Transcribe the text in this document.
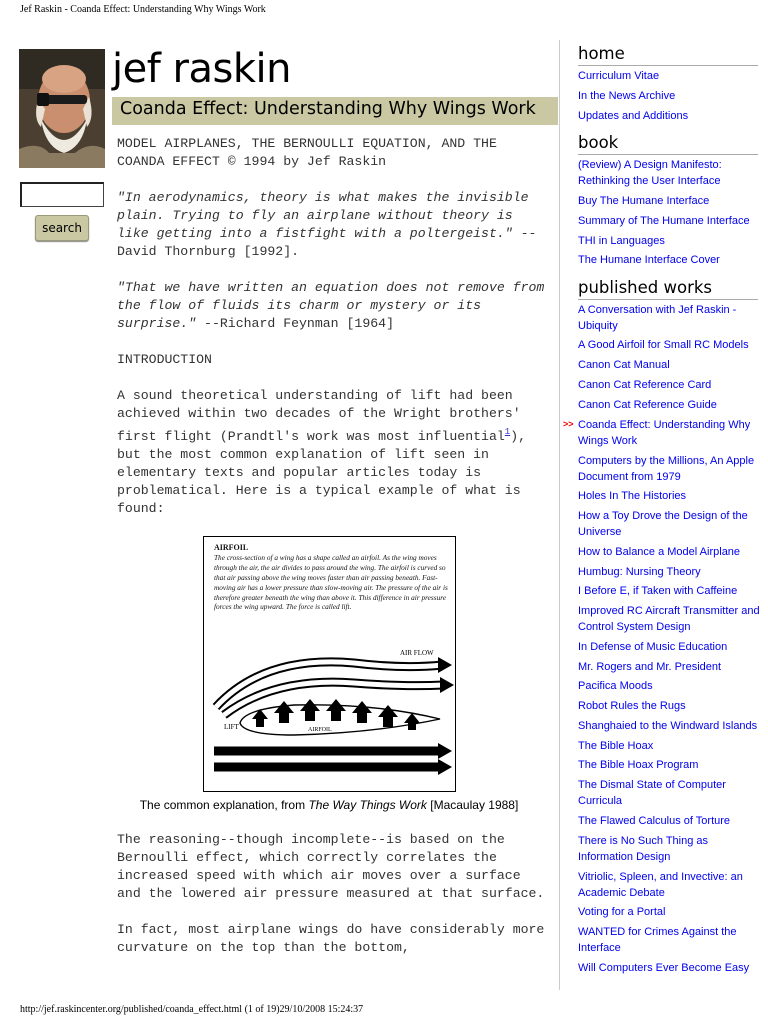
Jef Raskin - Coanda Effect: Understanding Why Wings Work
jef raskin
Coanda Effect: Understanding Why Wings Work
search

MODEL AIRPLANES, THE BERNOULLI EQUATION, AND THE
COANDA EFFECT © 1994 by Jef Raskin

"In aerodynamics, theory is what makes the invisible plain. Trying to fly an airplane without theory is like getting into a fistfight with a poltergeist." --David Thornburg [1992].

"That we have written an equation does not remove from the flow of fluids its charm or mystery or its surprise." --Richard Feynman [1964]

INTRODUCTION

A sound theoretical understanding of lift had been achieved within two decades of the Wright brothers' first flight (Prandtl's work was most influential$^1$), but the most common explanation of lift seen in elementary texts and popular articles today is problematical. Here is a typical example of what is found:

AIRFOIL
The cross-section of a wing has a shape called an airfoil. As the wing moves through the air, the air divides to pass around the wing. The airfoil is curved so that air passing above the wing moves faster than air passing beneath. Fast-moving air has a lower pressure than slow-moving air. The pressure of the air is therefore greater beneath the wing than above it. This difference in air pressure forces the wing upward. The force is called lift.
AIR FLOW
LIFT	AIRFOIL
The common explanation, from The Way Things Work [Macaulay 1988]

The reasoning--though incomplete--is based on the Bernoulli effect, which correctly correlates the increased speed with which air moves over a surface and the lowered air pressure measured at that surface.

In fact, most airplane wings do have considerably more curvature on the top than the bottom,

home
Curriculum Vitae
In the News Archive
Updates and Additions
book
(Review) A Design Manifesto: Rethinking the User Interface
Buy The Humane Interface
Summary of The Humane Interface
THI in Languages
The Humane Interface Cover
published works
A Conversation with Jef Raskin - Ubiquity
A Good Airfoil for Small RC Models
Canon Cat Manual
Canon Cat Reference Card
Canon Cat Reference Guide
>> Coanda Effect: Understanding Why Wings Work
Computers by the Millions, An Apple Document from 1979
Holes In The Histories
How a Toy Drove the Design of the Universe
How to Balance a Model Airplane
Humbug: Nursing Theory
I Before E, if Taken with Caffeine
Improved RC Aircraft Transmitter and Control System Design
In Defense of Music Education
Mr. Rogers and Mr. President
Pacifica Moods
Robot Rules the Rugs
Shanghaied to the Windward Islands
The Bible Hoax
The Bible Hoax Program
The Dismal State of Computer Curricula
The Flawed Calculus of Torture
There is No Such Thing as Information Design
Vitriolic, Spleen, and Invective: an Academic Debate
Voting for a Portal
WANTED for Crimes Against the Interface
Will Computers Ever Become Easy
http://jef.raskincenter.org/published/coanda_effect.html (1 of 19)29/10/2008 15:24:37
